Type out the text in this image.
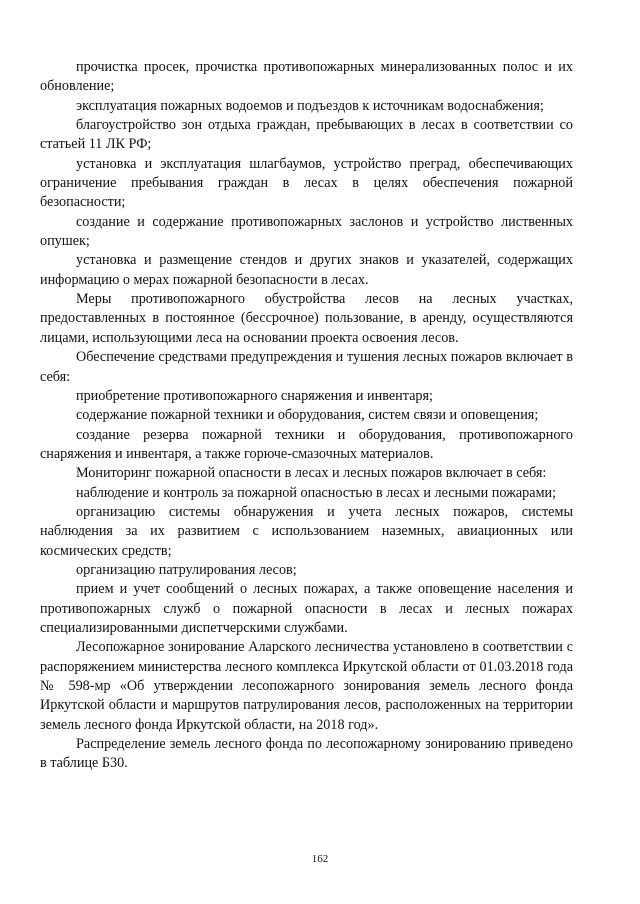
прочистка просек, прочистка противопожарных минерализованных полос и их обновление;

эксплуатация пожарных водоемов и подъездов к источникам водоснабжения;

благоустройство зон отдыха граждан, пребывающих в лесах в соответствии со статьей 11 ЛК РФ;

установка и эксплуатация шлагбаумов, устройство преград, обеспечивающих ограничение пребывания граждан в лесах в целях обеспечения пожарной безопасности;

создание и содержание противопожарных заслонов и устройство лиственных опушек;

установка и размещение стендов и других знаков и указателей, содержащих информацию о мерах пожарной безопасности в лесах.

Меры противопожарного обустройства лесов на лесных участках, предоставленных в постоянное (бессрочное) пользование, в аренду, осуществляются лицами, использующими леса на основании проекта освоения лесов.

Обеспечение средствами предупреждения и тушения лесных пожаров включает в себя:

приобретение противопожарного снаряжения и инвентаря;

содержание пожарной техники и оборудования, систем связи и оповещения;

создание резерва пожарной техники и оборудования, противопожарного снаряжения и инвентаря, а также горюче-смазочных материалов.

Мониторинг пожарной опасности в лесах и лесных пожаров включает в себя:

наблюдение и контроль за пожарной опасностью в лесах и лесными пожарами;

организацию системы обнаружения и учета лесных пожаров, системы наблюдения за их развитием с использованием наземных, авиационных или космических средств;

организацию патрулирования лесов;

прием и учет сообщений о лесных пожарах, а также оповещение населения и противопожарных служб о пожарной опасности в лесах и лесных пожарах специализированными диспетчерскими службами.

Лесопожарное зонирование Аларского лесничества установлено в соответствии с распоряжением министерства лесного комплекса Иркутской области от 01.03.2018 года № 598-мр «Об утверждении лесопожарного зонирования земель лесного фонда Иркутской области и маршрутов патрулирования лесов, расположенных на территории земель лесного фонда Иркутской области, на 2018 год».

Распределение земель лесного фонда по лесопожарному зонированию приведено в таблице Б30.

162
